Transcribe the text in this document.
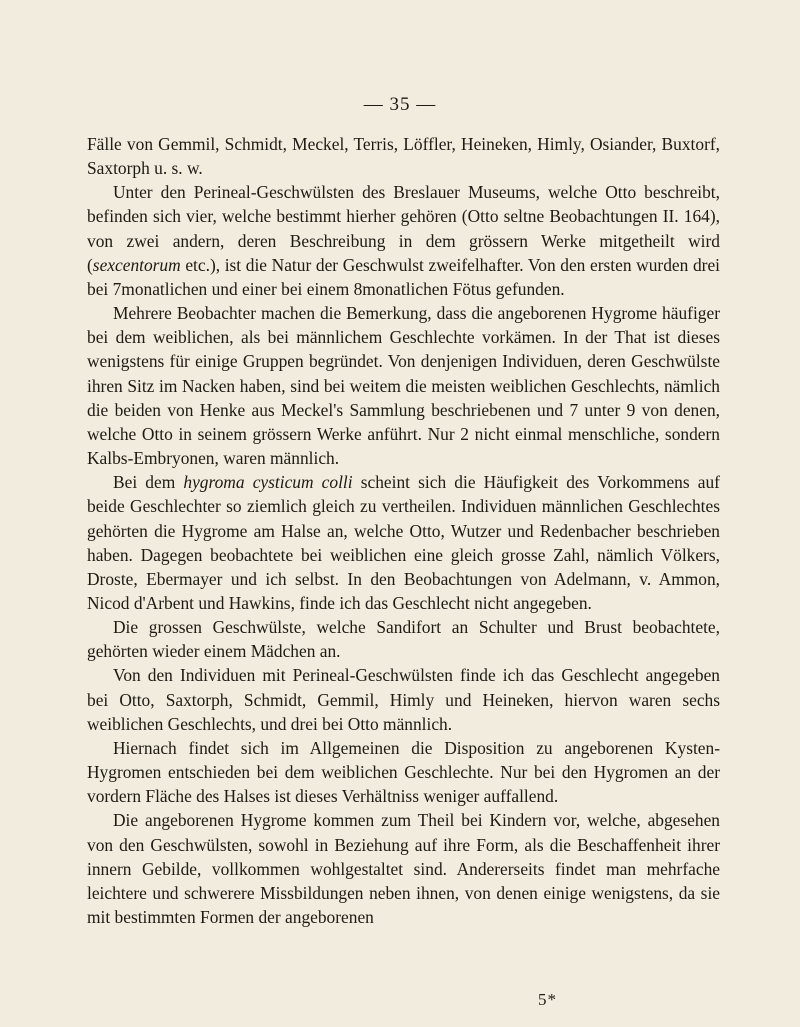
— 35 —

Fälle von Gemmil, Schmidt, Meckel, Terris, Löffler, Heineken, Himly, Osiander, Buxtorf, Saxtorph u. s. w.

Unter den Perineal-Geschwülsten des Breslauer Museums, welche Otto beschreibt, befinden sich vier, welche bestimmt hierher gehören (Otto seltne Beobachtungen II. 164), von zwei andern, deren Beschreibung in dem grössern Werke mitgetheilt wird (sexcentorum etc.), ist die Natur der Geschwulst zweifelhafter. Von den ersten wurden drei bei 7monatlichen und einer bei einem 8monatlichen Fötus gefunden.

Mehrere Beobachter machen die Bemerkung, dass die angeborenen Hygrome häufiger bei dem weiblichen, als bei männlichem Geschlechte vorkämen. In der That ist dieses wenigstens für einige Gruppen begründet. Von denjenigen Individuen, deren Geschwülste ihren Sitz im Nacken haben, sind bei weitem die meisten weiblichen Geschlechts, nämlich die beiden von Henke aus Meckel's Sammlung beschriebenen und 7 unter 9 von denen, welche Otto in seinem grössern Werke anführt. Nur 2 nicht einmal menschliche, sondern Kalbs-Embryonen, waren männlich.

Bei dem hygroma cysticum colli scheint sich die Häufigkeit des Vorkommens auf beide Geschlechter so ziemlich gleich zu vertheilen. Individuen männlichen Geschlechtes gehörten die Hygrome am Halse an, welche Otto, Wutzer und Redenbacher beschrieben haben. Dagegen beobachtete bei weiblichen eine gleich grosse Zahl, nämlich Völkers, Droste, Ebermayer und ich selbst. In den Beobachtungen von Adelmann, v. Ammon, Nicod d'Arbent und Hawkins, finde ich das Geschlecht nicht angegeben.

Die grossen Geschwülste, welche Sandifort an Schulter und Brust beobachtete, gehörten wieder einem Mädchen an.

Von den Individuen mit Perineal-Geschwülsten finde ich das Geschlecht angegeben bei Otto, Saxtorph, Schmidt, Gemmil, Himly und Heineken, hiervon waren sechs weiblichen Geschlechts, und drei bei Otto männlich.

Hiernach findet sich im Allgemeinen die Disposition zu angeborenen Kysten-Hygromen entschieden bei dem weiblichen Geschlechte. Nur bei den Hygromen an der vordern Fläche des Halses ist dieses Verhältniss weniger auffallend.

Die angeborenen Hygrome kommen zum Theil bei Kindern vor, welche, abgesehen von den Geschwülsten, sowohl in Beziehung auf ihre Form, als die Beschaffenheit ihrer innern Gebilde, vollkommen wohlgestaltet sind. Andererseits findet man mehrfache leichtere und schwerere Missbildungen neben ihnen, von denen einige wenigstens, da sie mit bestimmten Formen der angeborenen

5*
